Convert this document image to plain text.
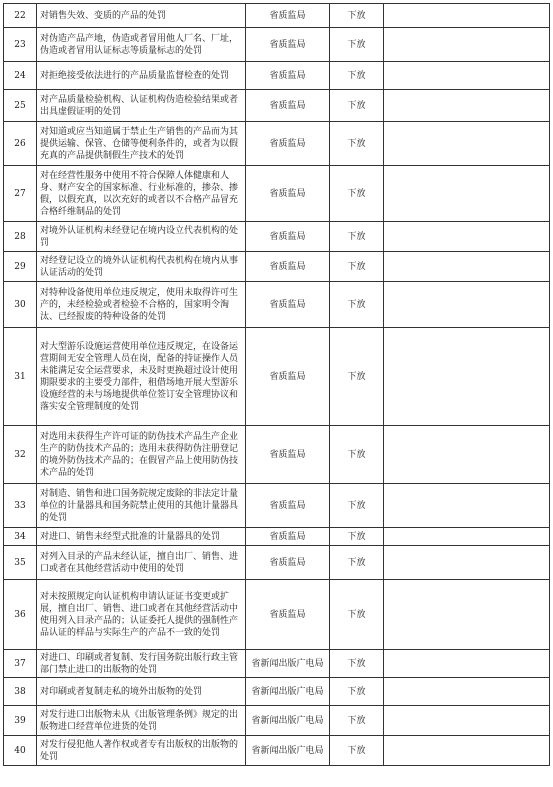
22	对销售失效、变质的产品的处罚	省质监局	下放	
23	对伪造产品产地，伪造或者冒用他人厂名、厂址，伪造或者冒用认证标志等质量标志的处罚	省质监局	下放	
24	对拒绝接受依法进行的产品质量监督检查的处罚	省质监局	下放	
25	对产品质量检验机构、认证机构伪造检验结果或者出具虚假证明的处罚	省质监局	下放	
26	对知道或应当知道属于禁止生产销售的产品而为其提供运输、保管、仓储等便利条件的，或者为以假充真的产品提供制假生产技术的处罚	省质监局	下放	
27	对在经营性服务中使用不符合保障人体健康和人身、财产安全的国家标准、行业标准的，掺杂、掺假，以假充真，以次充好的或者以不合格产品冒充合格纤维制品的处罚	省质监局	下放	
28	对境外认证机构未经登记在境内设立代表机构的处罚	省质监局	下放	
29	对经登记设立的境外认证机构代表机构在境内从事认证活动的处罚	省质监局	下放	
30	对特种设备使用单位违反规定，使用未取得许可生产的，未经检验或者检验不合格的，国家明令淘汰、已经报废的特种设备的处罚	省质监局	下放	
31	对大型游乐设施运营使用单位违反规定，在设备运营期间无安全管理人员在岗，配备的持证操作人员未能满足安全运营要求，未及时更换超过设计使用期限要求的主要受力部件，租借场地开展大型游乐设施经营的未与场地提供单位签订安全管理协议和落实安全管理制度的处罚	省质监局	下放	
32	对选用未获得生产许可证的防伪技术产品生产企业生产的防伪技术产品的；选用未获得防伪注册登记的境外防伪技术产品的；在假冒产品上使用防伪技术产品的处罚	省质监局	下放	
33	对制造、销售和进口国务院规定废除的非法定计量单位的计量器具和国务院禁止使用的其他计量器具的处罚	省质监局	下放	
34	对进口、销售未经型式批准的计量器具的处罚	省质监局	下放	
35	对列入目录的产品未经认证，擅自出厂、销售、进口或者在其他经营活动中使用的处罚	省质监局	下放	
36	对未按照规定向认证机构申请认证证书变更或扩展，擅自出厂、销售、进口或者在其他经营活动中使用列入目录产品的；认证委托人提供的强制性产品认证的样品与实际生产的产品不一致的处罚	省质监局	下放	
37	对进口、印刷或者复制、发行国务院出版行政主管部门禁止进口的出版物的处罚	省新闻出版广电局	下放	
38	对印刷或者复制走私的境外出版物的处罚	省新闻出版广电局	下放	
39	对发行进口出版物未从《出版管理条例》规定的出版物进口经营单位进货的处罚	省新闻出版广电局	下放	
40	对发行侵犯他人著作权或者专有出版权的出版物的处罚	省新闻出版广电局	下放	
